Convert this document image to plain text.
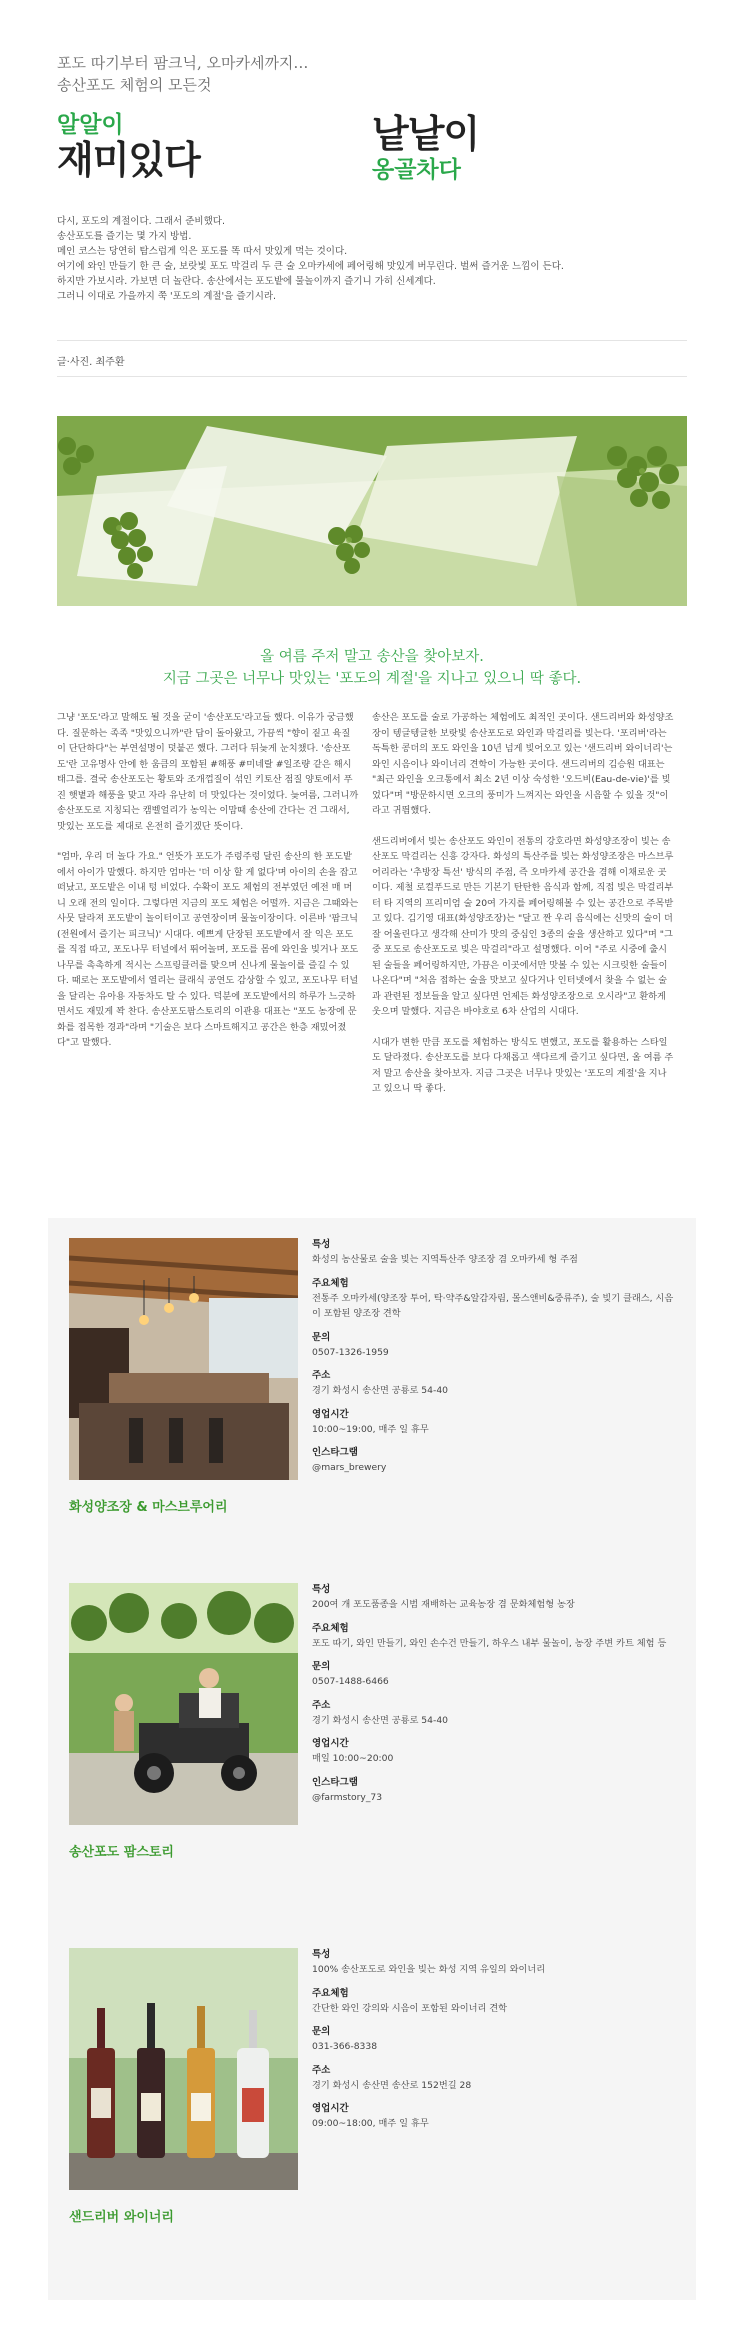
포도 따기부터 팜크닉, 오마카세까지…
송산포도 체험의 모든것
알알이
재미있다
낱낱이
옹골차다
다시, 포도의 계절이다. 그래서 준비했다.
송산포도를 즐기는 몇 가지 방법.
메인 코스는 당연히 탐스럽게 익은 포도를 똑 따서 맛있게 먹는 것이다.
여기에 와인 만들기 한 큰 술, 보랏빛 포도 막걸리 두 큰 술 오마카세에 페어링해 맛있게 버무린다. 벌써 즐거운 느낌이 든다.
하지만 가보시라. 가보면 더 놀란다. 송산에서는 포도밭에 물놀이까지 즐기니 가히 신세계다.
그러니 이대로 가을까지 쭉 '포도의 계절'을 즐기시라.
글·사진. 최주환
올 여름 주저 말고 송산을 찾아보자.
지금 그곳은 너무나 맛있는 '포도의 계절'을 지나고 있으니 딱 좋다.

그냥 '포도'라고 말해도 될 것을 굳이 '송산포도'라고들 했다. 이유가 궁금했다. 질문하는 족족 "맛있으니까"란 답이 돌아왔고, 가끔씩 "향이 짙고 육질이 단단하다"는 부연설명이 덧붙곤 했다. 그러다 뒤늦게 눈치챘다. '송산포도'란 고유명사 안에 한 움큼의 포함된 #해풍 #미네랄 #일조량 같은 해시태그를. 결국 송산포도는 황토와 조개껍질이 섞인 키토산 점질 양토에서 푸진 햇볕과 해풍을 맞고 자라 유난히 더 맛있다는 것이었다. 늦여름, 그러니까 송산포도로 지칭되는 캠벨얼리가 농익는 이맘때 송산에 간다는 건 그래서, 맛있는 포도를 제대로 온전히 즐기겠단 뜻이다.

"엄마, 우리 더 놀다 가요." 언뜻가 포도가 주렁주렁 달린 송산의 한 포도밭에서 아이가 말했다. 하지만 엄마는 '더 이상 할 게 없다'며 아이의 손을 잡고 떠났고, 포도밭은 이내 텅 비었다. 수확이 포도 체험의 전부였던 예전 매 머니 오래 전의 일이다. 그렇다면 지금의 포도 체험은 어떨까. 지금은 그때와는 사뭇 달라져 포도밭이 놀이터이고 공연장이며 물놀이장이다. 이른바 '팜크닉(전원에서 즐기는 피크닉)' 시대다. 예쁘게 단장된 포도밭에서 잘 익은 포도를 직접 따고, 포도나무 터널에서 뛰어놀며, 포도를 몸에 와인을 빚거나 포도나무를 촉촉하게 적시는 스프링클러를 맞으며 신나게 물놀이를 즐길 수 있다. 때로는 포도밭에서 열리는 클래식 공연도 감상할 수 있고, 포도나무 터널을 달리는 유아용 자동차도 탈 수 있다. 덕분에 포도밭에서의 하루가 느긋하면서도 재밌게 꽉 찬다. 송산포도팜스토리의 이관용 대표는 "포도 농장에 문화를 접목한 경과"라며 "기술은 보다 스마트해지고 공간은 한층 재밌어졌다"고 말했다.

송산은 포도를 술로 가공하는 체험에도 최적인 곳이다. 샌드리버와 화성양조장이 텡글텡글한 보랏빛 송산포도로 와인과 막걸리를 빚는다. '포리버'라는 독특한 콩더의 포도 와인을 10년 넘게 빚어오고 있는 '샌드리버 와이너리'는 와인 시음이나 와이너리 견학이 가능한 곳이다. 샌드리버의 김승원 대표는 "최근 와인을 오크통에서 최소 2년 이상 숙성한 '오드비(Eau-de-vie)'를 빚었다"며 "방문하시면 오크의 풍미가 느껴지는 와인을 시음할 수 있을 것"이라고 귀띔했다.

샌드리버에서 빚는 송산포도 와인이 전통의 강호라면 화성양조장이 빚는 송산포도 막걸리는 신흥 강자다. 화성의 특산주를 빚는 화성양조장은 마스브루어리라는 '추방장 특선' 방식의 주점, 즉 오마카세 공간을 겸해 이채로운 곳이다. 제철 로컬푸드로 만든 기본기 탄탄한 음식과 함께, 직접 빚은 막걸리부터 타 지역의 프리미엄 술 20여 가지를 페어링해볼 수 있는 공간으로 주목받고 있다. 김기영 대표(화성양조장)는 "달고 짠 우리 음식에는 신맛의 술이 더 잘 어울린다고 생각해 산미가 맛의 중심인 3종의 술을 생산하고 있다"며 "그 중 포도로 송산포도로 빚은 막걸리"라고 설명했다. 이어 "주로 시중에 출시된 술들을 페어링하지만, 가끔은 이곳에서만 맛볼 수 있는 시크릿한 술들이 나온다"며 "처음 접하는 술을 맛보고 싶다거나 인터넷에서 찾을 수 없는 술과 관련된 정보들을 알고 싶다면 언제든 화성양조장으로 오시라"고 환하게 웃으며 말했다. 지금은 바야흐로 6차 산업의 시대다.

시대가 변한 만큼 포도를 체험하는 방식도 변했고, 포도를 활용하는 스타일도 달라졌다. 송산포도를 보다 다채롭고 색다르게 즐기고 싶다면, 올 여름 주저 말고 송산을 찾아보자. 지금 그곳은 너무나 맛있는 '포도의 계절'을 지나고 있으니 딱 좋다.

화성양조장 & 마스브루어리
특성
화성의 농산물로 술을 빚는 지역특산주 양조장 겸 오마카세 형 주점
주요체험
전통주 오마카세(양조장 투어, 탁·약주&알감자림, 몰스앤비&중류주), 술 빚기 클래스, 시음이 포함된 양조장 견학
문의
0507-1326-1959
주소
경기 화성시 송산면 공룡로 54-40
영업시간
10:00~19:00, 매주 일 휴무
인스타그램
@mars_brewery
송산포도 팜스토리
특성
200여 개 포도품종을 시범 재배하는 교육농장 겸 문화체험형 농장
주요체험
포도 따기, 와인 만들기, 와인 손수건 만들기, 하우스 내부 물놀이, 농장 주변 카트 체험 등
문의
0507-1488-6466
주소
경기 화성시 송산면 공룡로 54-40
영업시간
매일 10:00~20:00
인스타그램
@farmstory_73
샌드리버 와이너리
특성
100% 송산포도로 와인을 빚는 화성 지역 유일의 와이너리
주요체험
간단한 와인 강의와 시음이 포함된 와이너리 견학
문의
031-366-8338
주소
경기 화성시 송산면 송산로 152번길 28
영업시간
09:00~18:00, 매주 일 휴무
